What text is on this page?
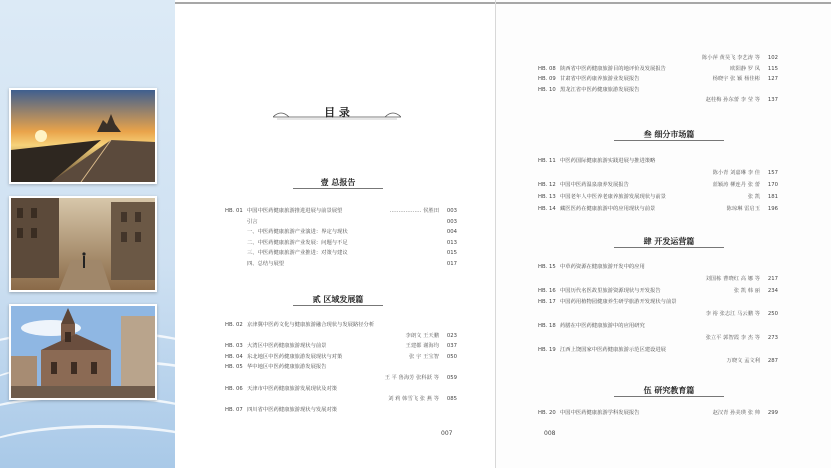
目 录
壹 总报告
HB. 01 中国中医药健康旅游推进进展与前景展望	……………… 侯胜田 003
引言	003
一、中医药健康旅游产业演进：界定与现状	004
二、中医药健康旅游产业发展：问题与不足	013
三、中医药健康旅游产业推进：对策与建议	015
四、总结与展望	017
贰 区域发展篇
HB. 02 京津冀中医药文化与健康旅游融合现状与发展路径分析
李朗文 王天鹏 023
HB. 03 大湾区中医药健康旅游现状与前景	王建都 谢海均 037
HB. 04 东北地区中医药健康旅游发展现状与对策	张 宇 王宝智 050
HB. 05 华中地区中医药健康旅游发展报告
王 平 鲁海芳 张科跃 等 059
HB. 06 天津市中医药健康旅游发展现状及对策
刘 莉 韩雪飞 张 燕 等 085
HB. 07 四川省中医药健康旅游现状与发展对策
007
陈小萍 黄昊飞 李艺涛 等 102
HB. 08 陕西省中医药健康旅游目的地评价及发展报告	欧阳静 罗 凤 115
HB. 09 甘肃省中医药康养旅游业发展报告	杨晓宇 张 颖 杨佳彬 127
HB. 10 黑龙江省中医药健康旅游发展报告
赵桂梅 孙东蕾 李 莹 等 137
叁 细分市场篇
HB. 11 中医药国际健康旅游实践进展与推进策略
陈小青 刘嘉琳 李 佳 157
HB. 12 中国中医药温泉康养发展报告	蓝颖涛 柳连丹 张 蕾 170
HB. 13 中国老年人中医养老康养旅游发展现状与前景	张 凯 181
HB. 14 藏医医药在健康旅游中的应用现状与前景	陈琼琳 雷启玉 196
肆 开发运营篇
HB. 15 中草药资源在健康旅游开发中的应用
刘国栋 曹晓红 高 娜 等 217
HB. 16 中国历代名医故里旅游资源现状与开发报告	张 凯 韩 丽 234
HB. 17 中国药用植物园健康养生研学旅游开发现状与前景
李 裕 张志江 马云鹏 等 250
HB. 18 药膳在中医药健康旅游中的应用研究
张立平 郭智霞 李 杰 等 273
HB. 19 江西上饶国家中医药健康旅游示范区建设进展
万晓文 孟文利 287
伍 研究教育篇
HB. 20 中国中医药健康旅游学科发展报告	赵汉青 孙美瑛 张 帅 299
008
